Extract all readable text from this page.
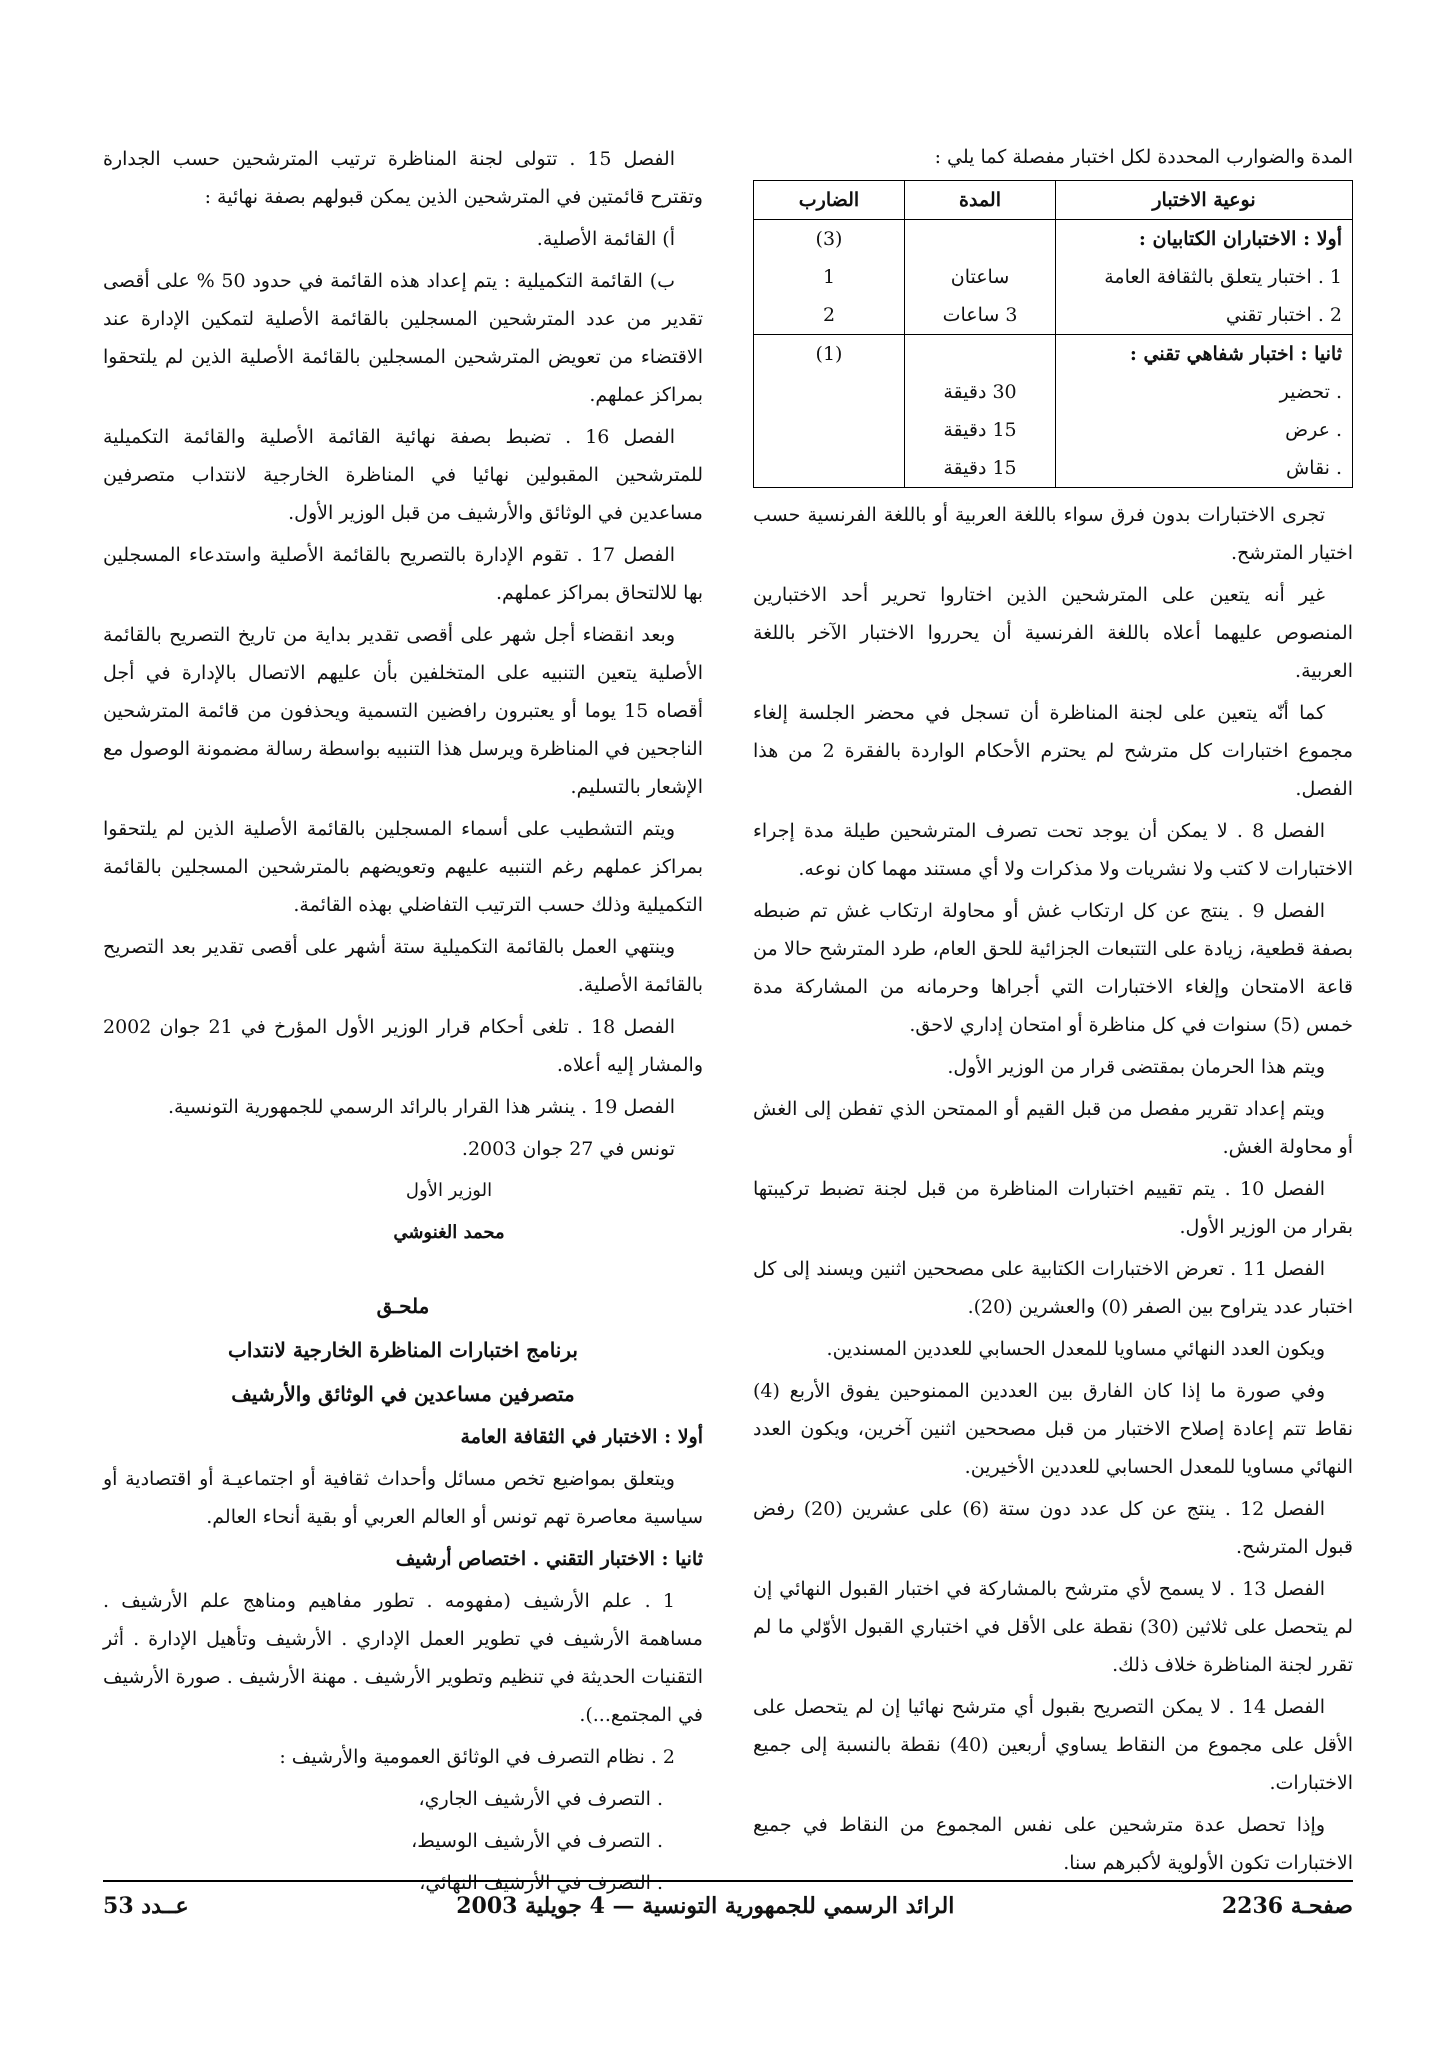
المدة والضوارب المحددة لكل اختبار مفصلة كما يلي :

نوعية الاختبار	المدة	الضارب
أولا : الاختباران الكتابيان :		(3)
1 . اختبار يتعلق بالثقافة العامة	ساعتان	1
2 . اختبار تقني	3 ساعات	2
ثانيا : اختبار شفاهي تقني :		(1)
. تحضير	30 دقيقة	
. عرض	15 دقيقة	
. نقاش	15 دقيقة	

تجرى الاختبارات بدون فرق سواء باللغة العربية أو باللغة الفرنسية حسب اختيار المترشح.

غير أنه يتعين على المترشحين الذين اختاروا تحرير أحد الاختبارين المنصوص عليهما أعلاه باللغة الفرنسية أن يحرروا الاختبار الآخر باللغة العربية.

كما أنّه يتعين على لجنة المناظرة أن تسجل في محضر الجلسة إلغاء مجموع اختبارات كل مترشح لم يحترم الأحكام الواردة بالفقرة 2 من هذا الفصل.

الفصل 8 . لا يمكن أن يوجد تحت تصرف المترشحين طيلة مدة إجراء الاختبارات لا كتب ولا نشريات ولا مذكرات ولا أي مستند مهما كان نوعه.

الفصل 9 . ينتج عن كل ارتكاب غش أو محاولة ارتكاب غش تم ضبطه بصفة قطعية، زيادة على التتبعات الجزائية للحق العام، طرد المترشح حالا من قاعة الامتحان وإلغاء الاختبارات التي أجراها وحرمانه من المشاركة مدة خمس (5) سنوات في كل مناظرة أو امتحان إداري لاحق.

ويتم هذا الحرمان بمقتضى قرار من الوزير الأول.

ويتم إعداد تقرير مفصل من قبل القيم أو الممتحن الذي تفطن إلى الغش أو محاولة الغش.

الفصل 10 . يتم تقييم اختبارات المناظرة من قبل لجنة تضبط تركيبتها بقرار من الوزير الأول.

الفصل 11 . تعرض الاختبارات الكتابية على مصححين اثنين ويسند إلى كل اختبار عدد يتراوح بين الصفر (0) والعشرين (20).

ويكون العدد النهائي مساويا للمعدل الحسابي للعددين المسندين.

وفي صورة ما إذا كان الفارق بين العددين الممنوحين يفوق الأربع (4) نقاط تتم إعادة إصلاح الاختبار من قبل مصححين اثنين آخرين، ويكون العدد النهائي مساويا للمعدل الحسابي للعددين الأخيرين.

الفصل 12 . ينتج عن كل عدد دون ستة (6) على عشرين (20) رفض قبول المترشح.

الفصل 13 . لا يسمح لأي مترشح بالمشاركة في اختبار القبول النهائي إن لم يتحصل على ثلاثين (30) نقطة على الأقل في اختباري القبول الأوّلي ما لم تقرر لجنة المناظرة خلاف ذلك.

الفصل 14 . لا يمكن التصريح بقبول أي مترشح نهائيا إن لم يتحصل على الأقل على مجموع من النقاط يساوي أربعين (40) نقطة بالنسبة إلى جميع الاختبارات.

وإذا تحصل عدة مترشحين على نفس المجموع من النقاط في جميع الاختبارات تكون الأولوية لأكبرهم سنا.

الفصل 15 . تتولى لجنة المناظرة ترتيب المترشحين حسب الجدارة وتقترح قائمتين في المترشحين الذين يمكن قبولهم بصفة نهائية :

أ) القائمة الأصلية.

ب) القائمة التكميلية : يتم إعداد هذه القائمة في حدود 50 % على أقصى تقدير من عدد المترشحين المسجلين بالقائمة الأصلية لتمكين الإدارة عند الاقتضاء من تعويض المترشحين المسجلين بالقائمة الأصلية الذين لم يلتحقوا بمراكز عملهم.

الفصل 16 . تضبط بصفة نهائية القائمة الأصلية والقائمة التكميلية للمترشحين المقبولين نهائيا في المناظرة الخارجية لانتداب متصرفين مساعدين في الوثائق والأرشيف من قبل الوزير الأول.

الفصل 17 . تقوم الإدارة بالتصريح بالقائمة الأصلية واستدعاء المسجلين بها للالتحاق بمراكز عملهم.

وبعد انقضاء أجل شهر على أقصى تقدير بداية من تاريخ التصريح بالقائمة الأصلية يتعين التنبيه على المتخلفين بأن عليهم الاتصال بالإدارة في أجل أقصاه 15 يوما أو يعتبرون رافضين التسمية ويحذفون من قائمة المترشحين الناجحين في المناظرة ويرسل هذا التنبيه بواسطة رسالة مضمونة الوصول مع الإشعار بالتسليم.

ويتم التشطيب على أسماء المسجلين بالقائمة الأصلية الذين لم يلتحقوا بمراكز عملهم رغم التنبيه عليهم وتعويضهم بالمترشحين المسجلين بالقائمة التكميلية وذلك حسب الترتيب التفاضلي بهذه القائمة.

وينتهي العمل بالقائمة التكميلية ستة أشهر على أقصى تقدير بعد التصريح بالقائمة الأصلية.

الفصل 18 . تلغى أحكام قرار الوزير الأول المؤرخ في 21 جوان 2002 والمشار إليه أعلاه.

الفصل 19 . ينشر هذا القرار بالرائد الرسمي للجمهورية التونسية.

تونس في 27 جوان 2003.

الوزير الأول

محمد الغنوشي

ملحـق

برنامج اختبارات المناظرة الخارجية لانتداب

متصرفين مساعدين في الوثائق والأرشيف

أولا : الاختبار في الثقافة العامة

ويتعلق بمواضيع تخص مسائل وأحداث ثقافية أو اجتماعيـة أو اقتصادية أو سياسية معاصرة تهم تونس أو العالم العربي أو بقية أنحاء العالم.

ثانيا : الاختبار التقني . اختصاص أرشيف

1 . علم الأرشيف (مفهومه . تطور مفاهيم ومناهج علم الأرشيف . مساهمة الأرشيف في تطوير العمل الإداري . الأرشيف وتأهيل الإدارة . أثر التقنيات الحديثة في تنظيم وتطوير الأرشيف . مهنة الأرشيف . صورة الأرشيف في المجتمع...).

2 . نظام التصرف في الوثائق العمومية والأرشيف :

. التصرف في الأرشيف الجاري،

. التصرف في الأرشيف الوسيط،

. التصرف في الأرشيف النهائي،

صفحـة 2236
الرائد الرسمي للجمهورية التونسية — 4 جويلية 2003
عــدد 53
